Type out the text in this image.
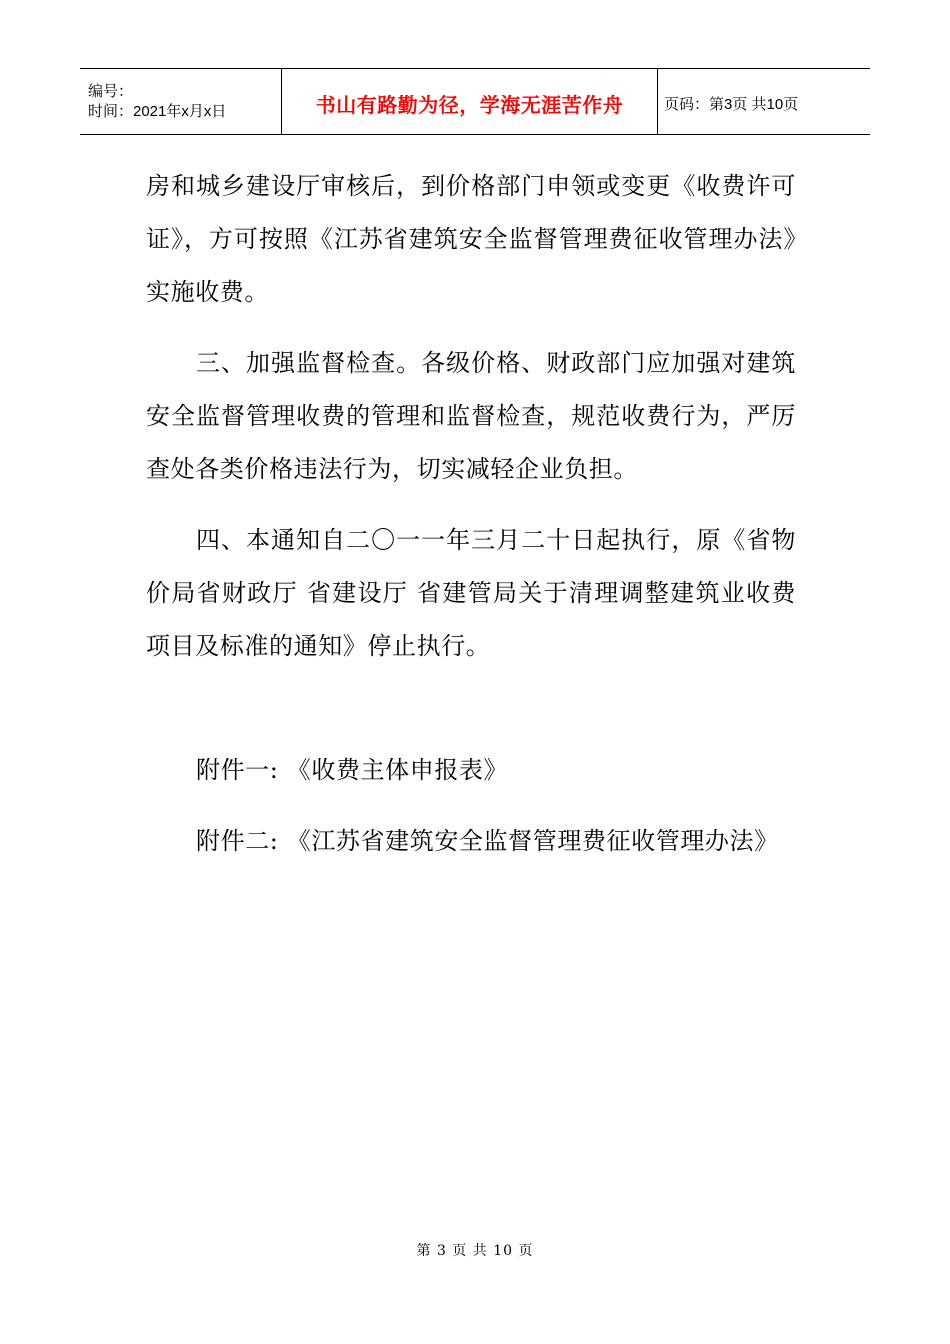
编号：
时间：2021年x月x日	书山有路勤为径，学海无涯苦作舟	页码：第3页 共10页

房和城乡建设厅审核后，到价格部门申领或变更《收费许可证》，方可按照《江苏省建筑安全监督管理费征收管理办法》实施收费。

三、加强监督检查。各级价格、财政部门应加强对建筑安全监督管理收费的管理和监督检查，规范收费行为，严厉查处各类价格违法行为，切实减轻企业负担。

四、本通知自二〇一一年三月二十日起执行，原《省物价局省财政厅 省建设厅 省建管局关于清理调整建筑业收费项目及标准的通知》停止执行。

附件一: 《收费主体申报表》

附件二: 《江苏省建筑安全监督管理费征收管理办法》

第 3 页 共 10 页
